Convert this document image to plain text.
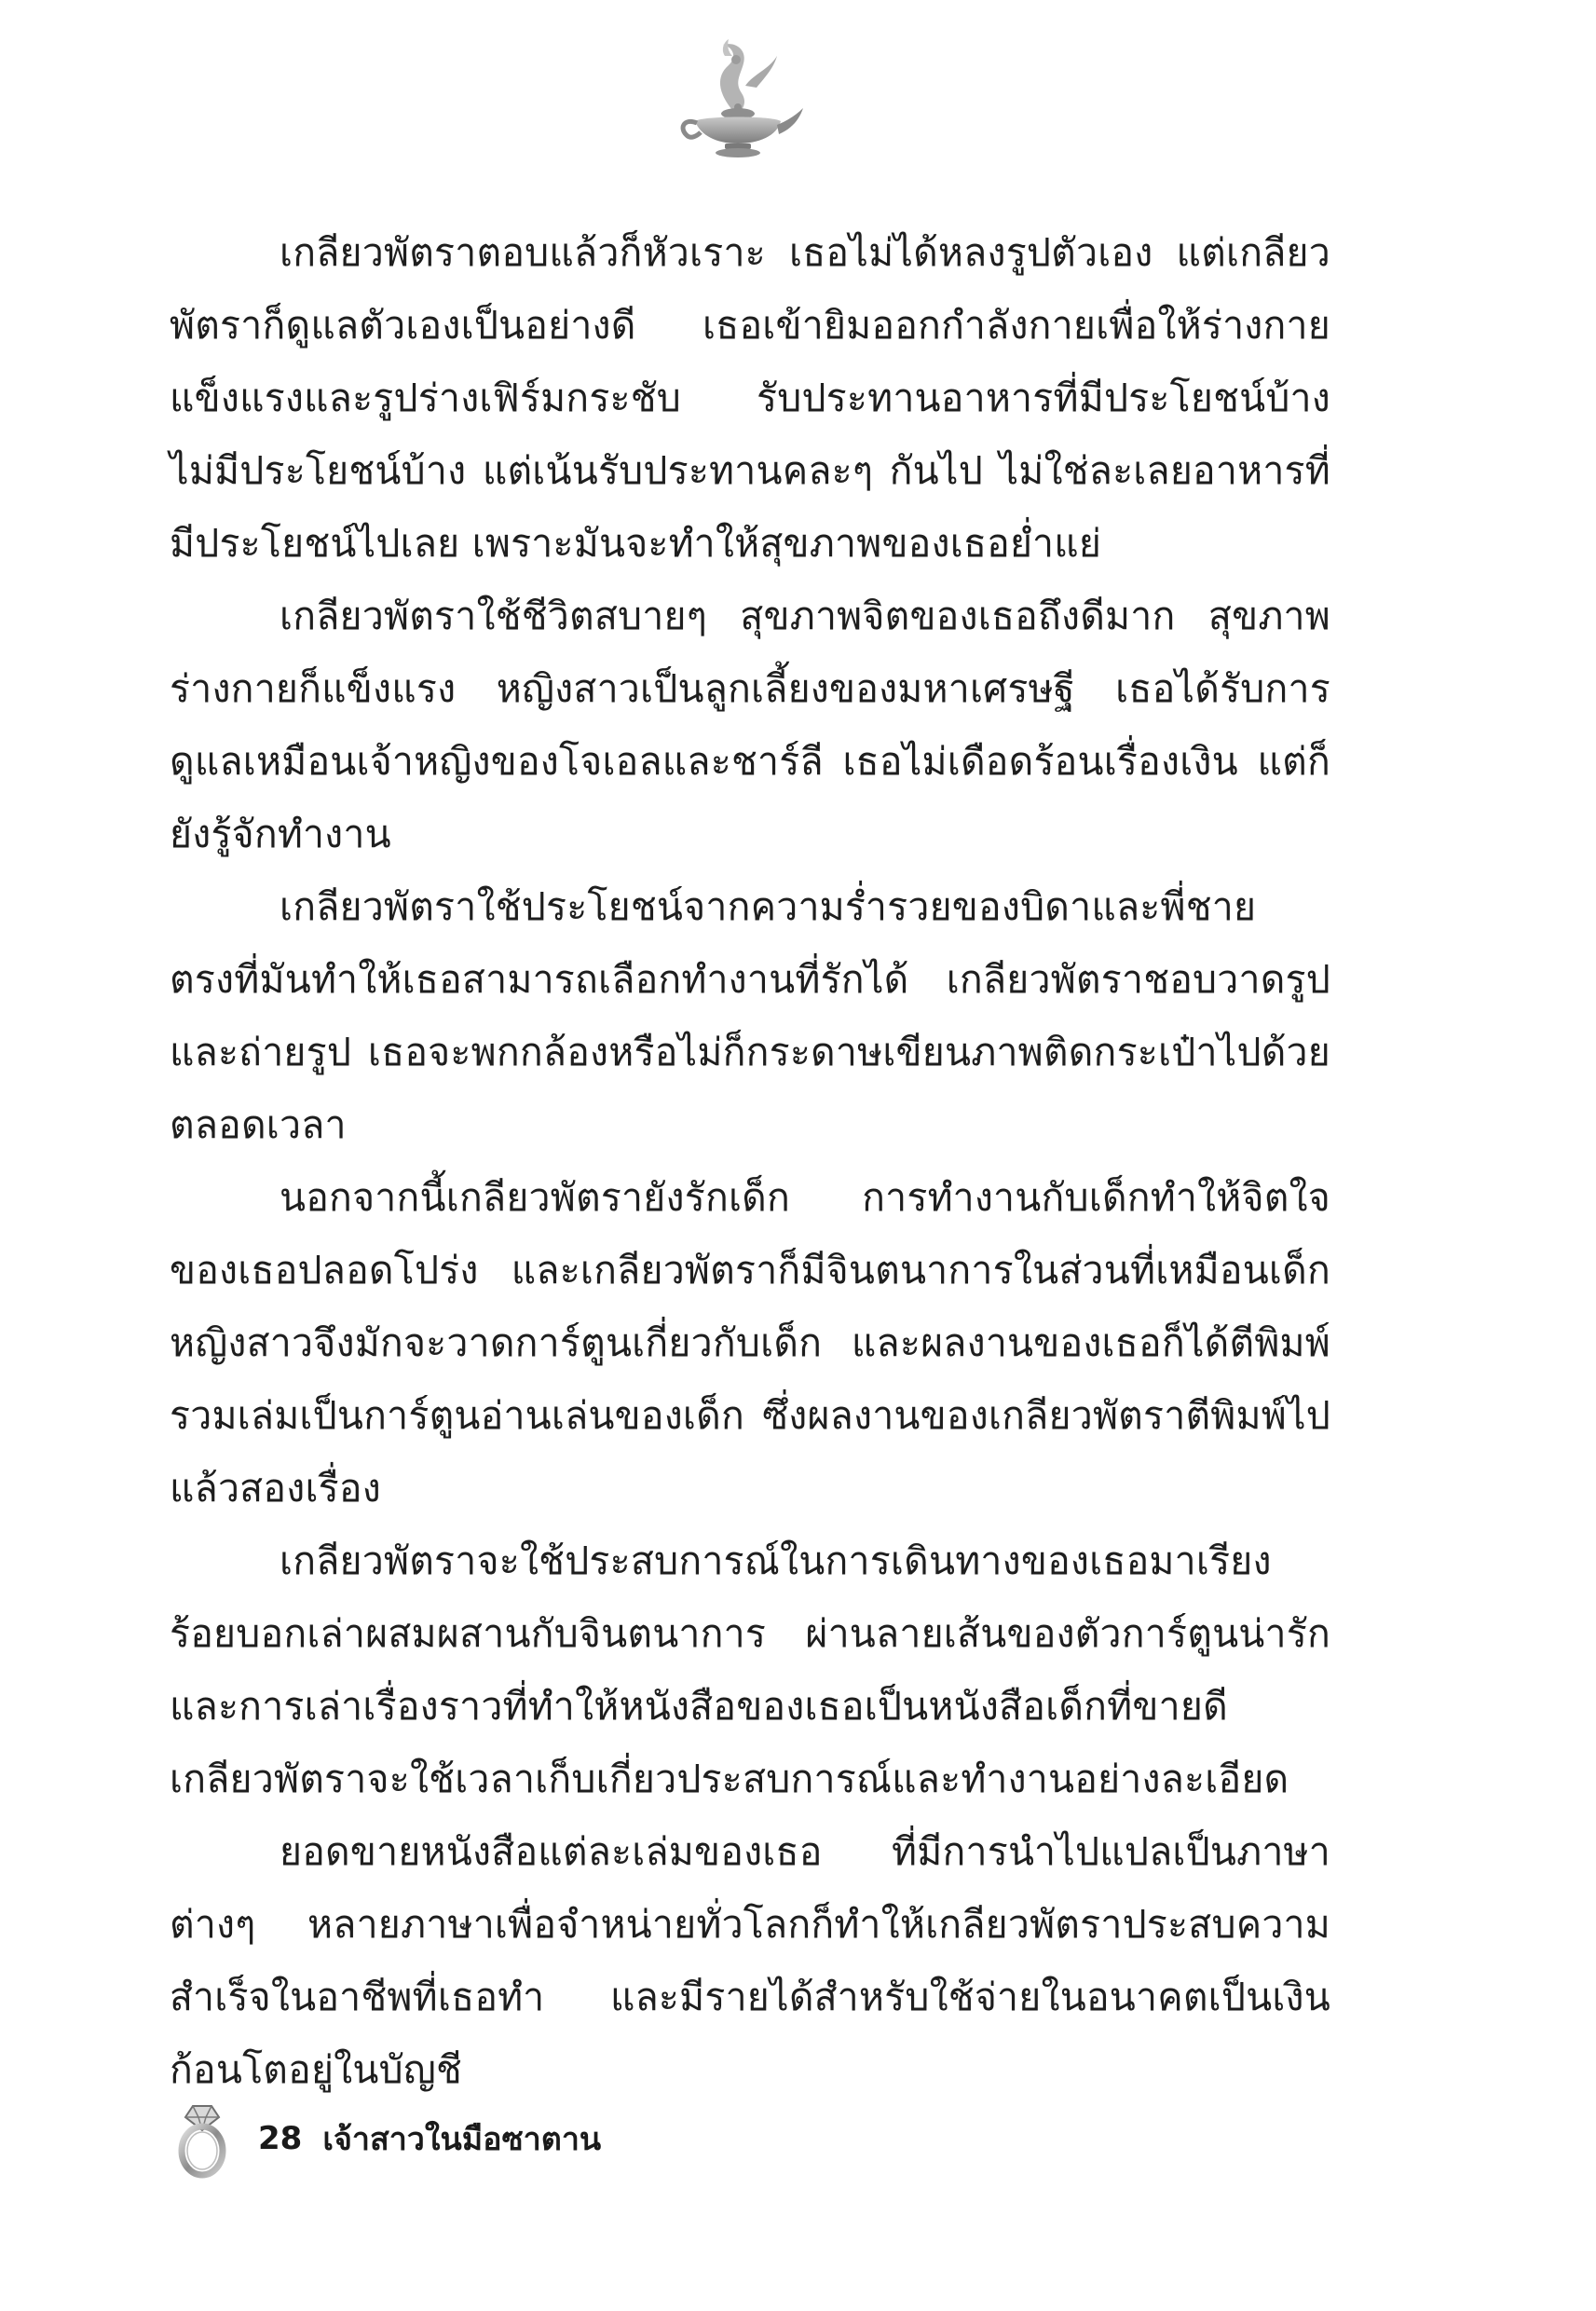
เกลียวพัตราตอบแล้วก็หัวเราะ เธอไม่ได้หลงรูปตัวเอง แต่เกลียวพัตราก็ดูแลตัวเองเป็นอย่างดี เธอเข้ายิมออกกำลังกายเพื่อให้ร่างกายแข็งแรงและรูปร่างเฟิร์มกระชับ รับประทานอาหารที่มีประโยชน์บ้างไม่มีประโยชน์บ้าง แต่เน้นรับประทานคละๆ กันไป ไม่ใช่ละเลยอาหารที่มีประโยชน์ไปเลย เพราะมันจะทำให้สุขภาพของเธอย่ำแย่

เกลียวพัตราใช้ชีวิตสบายๆ สุขภาพจิตของเธอถึงดีมาก สุขภาพร่างกายก็แข็งแรง หญิงสาวเป็นลูกเลี้ยงของมหาเศรษฐี เธอได้รับการดูแลเหมือนเจ้าหญิงของโจเอลและชาร์ลี เธอไม่เดือดร้อนเรื่องเงิน แต่ก็ยังรู้จักทำงาน

เกลียวพัตราใช้ประโยชน์จากความร่ำรวยของบิดาและพี่ชาย ตรงที่มันทำให้เธอสามารถเลือกทำงานที่รักได้ เกลียวพัตราชอบวาดรูปและถ่ายรูป เธอจะพกกล้องหรือไม่ก็กระดาษเขียนภาพติดกระเป๋าไปด้วยตลอดเวลา

นอกจากนี้เกลียวพัตรายังรักเด็ก การทำงานกับเด็กทำให้จิตใจของเธอปลอดโปร่ง และเกลียวพัตราก็มีจินตนาการในส่วนที่เหมือนเด็ก หญิงสาวจึงมักจะวาดการ์ตูนเกี่ยวกับเด็ก และผลงานของเธอก็ได้ตีพิมพ์รวมเล่มเป็นการ์ตูนอ่านเล่นของเด็ก ซึ่งผลงานของเกลียวพัตราตีพิมพ์ไปแล้วสองเรื่อง

เกลียวพัตราจะใช้ประสบการณ์ในการเดินทางของเธอมาเรียงร้อยบอกเล่าผสมผสานกับจินตนาการ ผ่านลายเส้นของตัวการ์ตูนน่ารักและการเล่าเรื่องราวที่ทำให้หนังสือของเธอเป็นหนังสือเด็กที่ขายดี เกลียวพัตราจะใช้เวลาเก็บเกี่ยวประสบการณ์และทำงานอย่างละเอียด

ยอดขายหนังสือแต่ละเล่มของเธอ ที่มีการนำไปแปลเป็นภาษาต่างๆ หลายภาษาเพื่อจำหน่ายทั่วโลกก็ทำให้เกลียวพัตราประสบความสำเร็จในอาชีพที่เธอทำ และมีรายได้สำหรับใช้จ่ายในอนาคตเป็นเงินก้อนโตอยู่ในบัญชี

28 เจ้าสาวในมือซาตาน
